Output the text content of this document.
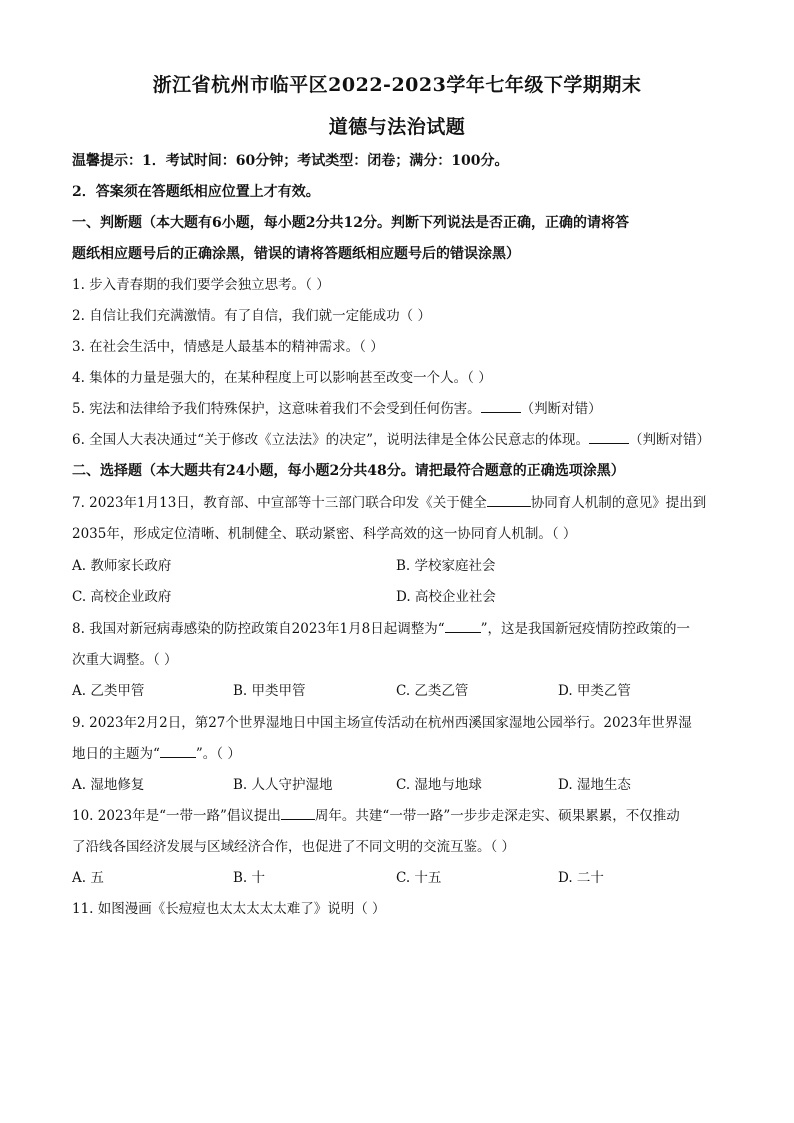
浙江省杭州市临平区2022-2023学年七年级下学期期末
道德与法治试题
温馨提示：1．考试时间：60分钟；考试类型：闭卷；满分：100分。
2．答案须在答题纸相应位置上才有效。
一、判断题（本大题有6小题，每小题2分共12分。判断下列说法是否正确，正确的请将答
题纸相应题号后的正确涂黑，错误的请将答题纸相应题号后的错误涂黑）
1. 步入青春期的我们要学会独立思考。（ ）
2. 自信让我们充满激情。有了自信，我们就一定能成功（ ）
3. 在社会生活中，情感是人最基本的精神需求。（ ）
4. 集体的力量是强大的，在某种程度上可以影响甚至改变一个人。（ ）
5. 宪法和法律给予我们特殊保护，这意味着我们不会受到任何伤害。	（判断对错）
6. 全国人大表决通过“关于修改《立法法》的决定”，说明法律是全体公民意志的体现。	（判断对错）
二、选择题（本大题共有24小题，每小题2分共48分。请把最符合题意的正确选项涂黑）
7. 2023年1月13日，教育部、中宣部等十三部门联合印发《关于健全	协同育人机制的意见》提出到
2035年，形成定位清晰、机制健全、联动紧密、科学高效的这一协同育人机制。（ ）
A. 教师家长政府	B. 学校家庭社会
C. 高校企业政府	D. 高校企业社会
8. 我国对新冠病毒感染的防控政策自2023年1月8日起调整为“	”，这是我国新冠疫情防控政策的一
次重大调整。（ ）
A. 乙类甲管	B. 甲类甲管	C. 乙类乙管	D. 甲类乙管
9. 2023年2月2日，第27个世界湿地日中国主场宣传活动在杭州西溪国家湿地公园举行。2023年世界湿
地日的主题为“	”。（ ）
A. 湿地修复	B. 人人守护湿地	C. 湿地与地球	D. 湿地生态
10. 2023年是“一带一路”倡议提出	周年。共建“一带一路”一步步走深走实、硕果累累，不仅推动
了沿线各国经济发展与区域经济合作，也促进了不同文明的交流互鉴。（ ）
A. 五	B. 十	C. 十五	D. 二十
11. 如图漫画《长痘痘也太太太太太难了》说明（ ）
